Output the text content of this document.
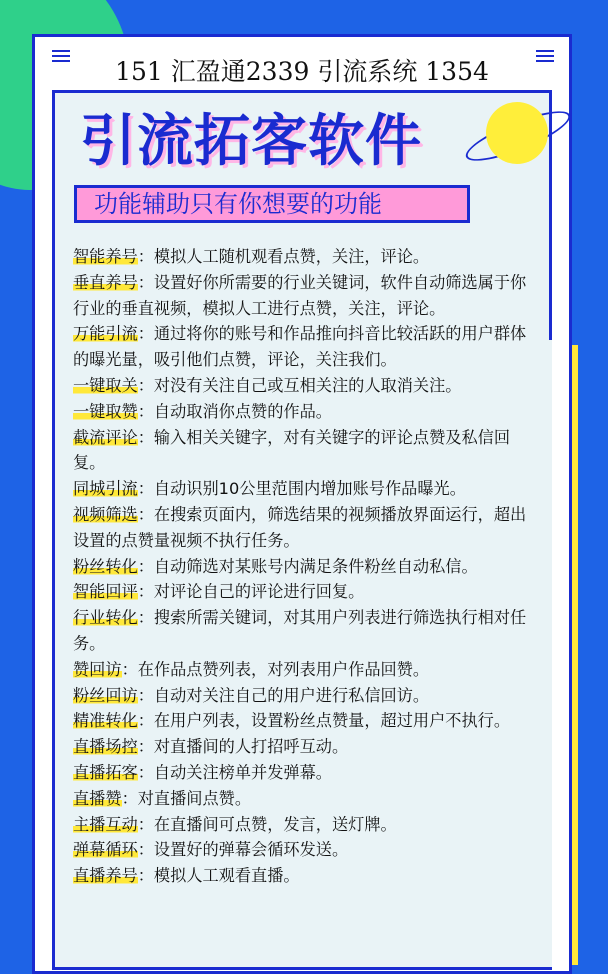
151 汇盈通2339 引流系统 1354
引流拓客软件
功能辅助只有你想要的功能

智能养号：模拟人工随机观看点赞，关注，评论。

垂直养号：设置好你所需要的行业关键词，软件自动筛选属于你行业的垂直视频，模拟人工进行点赞，关注，评论。

万能引流：通过将你的账号和作品推向抖音比较活跃的用户群体的曝光量，吸引他们点赞，评论，关注我们。

一键取关：对没有关注自己或互相关注的人取消关注。

一键取赞：自动取消你点赞的作品。

截流评论：输入相关关键字，对有关键字的评论点赞及私信回复。

同城引流：自动识别10公里范围内增加账号作品曝光。

视频筛选：在搜索页面内，筛选结果的视频播放界面运行，超出设置的点赞量视频不执行任务。

粉丝转化：自动筛选对某账号内满足条件粉丝自动私信。

智能回评：对评论自己的评论进行回复。

行业转化：搜索所需关键词，对其用户列表进行筛选执行相对任务。

赞回访：在作品点赞列表，对列表用户作品回赞。

粉丝回访：自动对关注自己的用户进行私信回访。

精准转化：在用户列表，设置粉丝点赞量，超过用户不执行。

直播场控：对直播间的人打招呼互动。

直播拓客：自动关注榜单并发弹幕。

直播赞：对直播间点赞。

主播互动：在直播间可点赞，发言，送灯牌。

弹幕循环：设置好的弹幕会循环发送。

直播养号：模拟人工观看直播。
